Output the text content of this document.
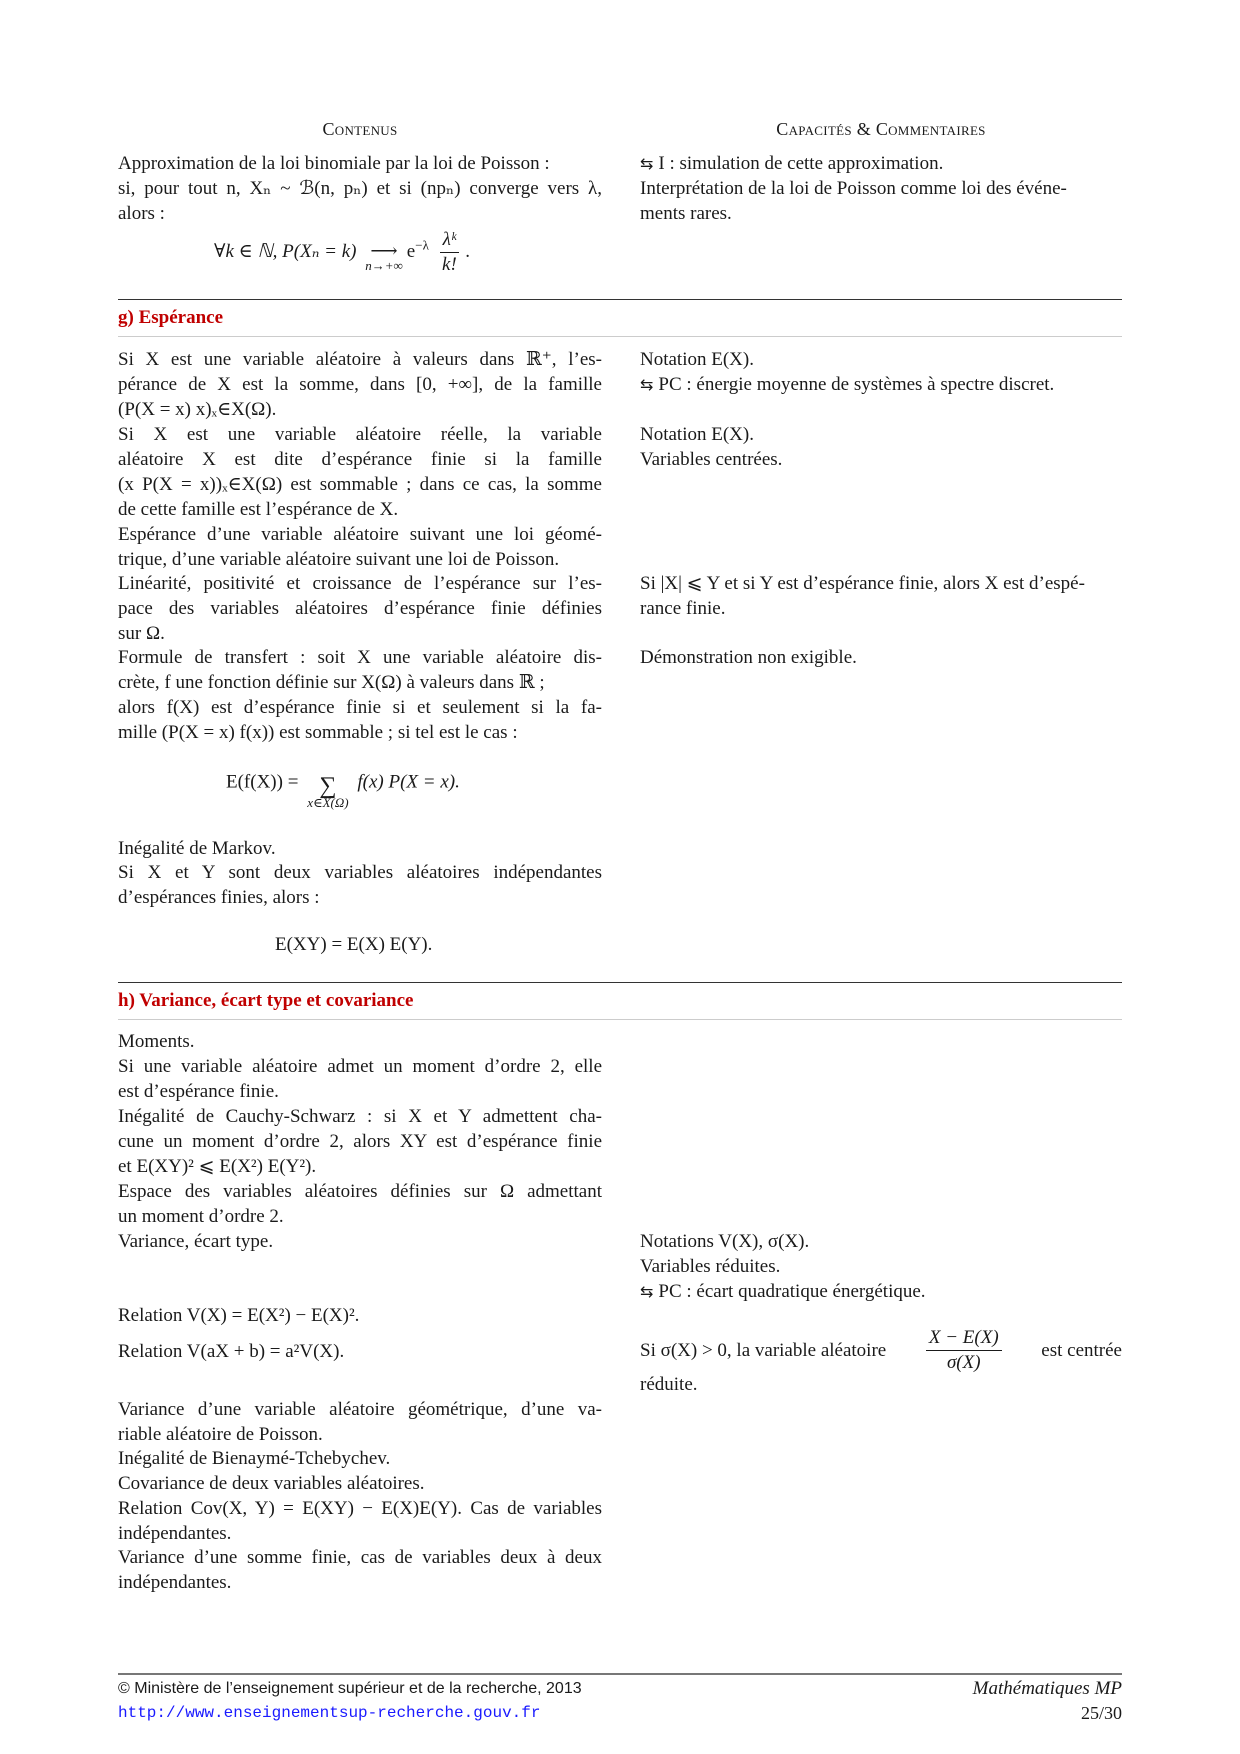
Contenus	Capacités & Commentaires
Approximation de la loi binomiale par la loi de Poisson :
si, pour tout n, Xₙ ~ ℬ(n, pₙ) et si (npₙ) converge vers λ,
alors :
∀k ∈ ℕ, P(Xₙ = k) ⟶
n→+∞
$e^{-\lambda} \frac{\text{λᵏ}}{k!}$ .
⇆ I : simulation de cette approximation.
Interprétation de la loi de Poisson comme loi des événe-
ments rares.
g) Espérance
Si X est une variable aléatoire à valeurs dans ℝ⁺, l’es-
pérance de X est la somme, dans [0, +∞], de la famille
(P(X = x) x)ₓ∈X(Ω).
Si X est une variable aléatoire réelle, la variable
aléatoire X est dite d’espérance finie si la famille
(x P(X = x))ₓ∈X(Ω) est sommable ; dans ce cas, la somme
de cette famille est l’espérance de X.
Espérance d’une variable aléatoire suivant une loi géomé-
trique, d’une variable aléatoire suivant une loi de Poisson.
Linéarité, positivité et croissance de l’espérance sur l’es-
pace des variables aléatoires d’espérance finie définies
sur Ω.
Formule de transfert : soit X une variable aléatoire dis-
crète, f une fonction définie sur X(Ω) à valeurs dans ℝ ;
alors f(X) est d’espérance finie si et seulement si la fa-
mille (P(X = x) f(x)) est sommable ; si tel est le cas :
E(f(X)) = ∑
x∈X(Ω)
f(x) P(X = x).
Inégalité de Markov.
Si X et Y sont deux variables aléatoires indépendantes
d’espérances finies, alors :
E(XY) = E(X) E(Y).
Notation E(X).
⇆ PC : énergie moyenne de systèmes à spectre discret.
Notation E(X).
Variables centrées.
Si |X| ⩽ Y et si Y est d’espérance finie, alors X est d’espé-
rance finie.
Démonstration non exigible.
h) Variance, écart type et covariance
Moments.
Si une variable aléatoire admet un moment d’ordre 2, elle
est d’espérance finie.
Inégalité de Cauchy-Schwarz : si X et Y admettent cha-
cune un moment d’ordre 2, alors XY est d’espérance finie
et E(XY)² ⩽ E(X²) E(Y²).
Espace des variables aléatoires définies sur Ω admettant
un moment d’ordre 2.
Variance, écart type.
Relation V(X) = E(X²) − E(X)².
Relation V(aX + b) = a²V(X).
Variance d’une variable aléatoire géométrique, d’une va-
riable aléatoire de Poisson.
Inégalité de Bienaymé-Tchebychev.
Covariance de deux variables aléatoires.
Relation Cov(X, Y) = E(XY) − E(X)E(Y). Cas de variables
indépendantes.
Variance d’une somme finie, cas de variables deux à deux
indépendantes.
Notations V(X), σ(X).
Variables réduites.
⇆ PC : écart quadratique énergétique.
Si σ(X) > 0, la variable aléatoire $\frac{X - E(X)}{\sigma(X)}$ est centrée
réduite.
© Ministère de l’enseignement supérieur et de la recherche, 2013
http://www.enseignementsup-recherche.gouv.fr
Mathématiques MP
25/30
